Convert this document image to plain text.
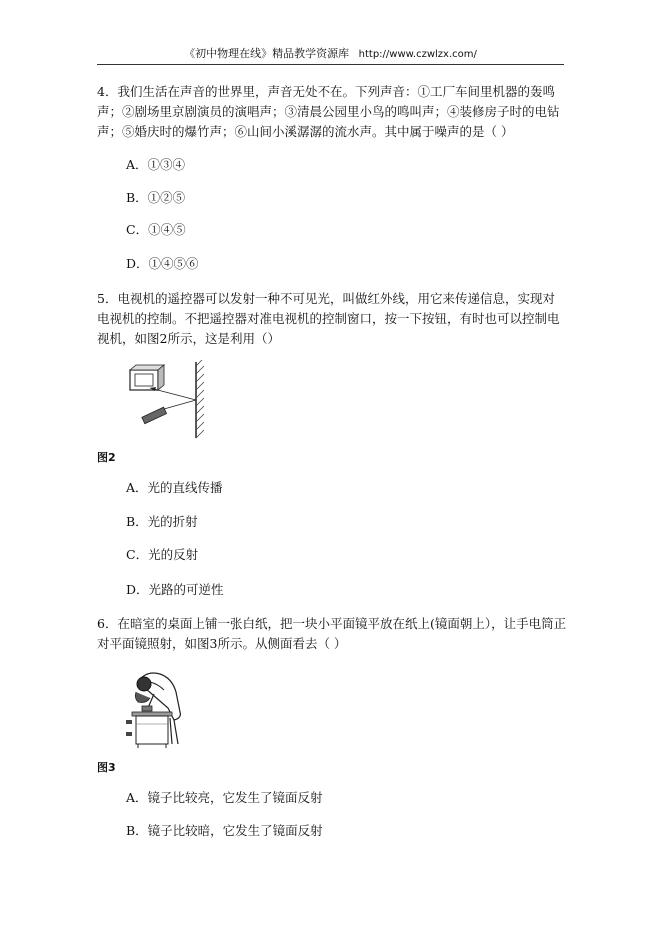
《初中物理在线》精品教学资源库 http://www.czwlzx.com/
4．我们生活在声音的世界里，声音无处不在。下列声音：①工厂车间里机器的轰鸣声；②剧场里京剧演员的演唱声；③清晨公园里小鸟的鸣叫声；④装修房子时的电钻声；⑤婚庆时的爆竹声；⑥山间小溪潺潺的流水声。其中属于噪声的是（ ）
A．①③④
B．①②⑤
C．①④⑤
D．①④⑤⑥
5．电视机的遥控器可以发射一种不可见光，叫做红外线，用它来传递信息，实现对电视机的控制。不把遥控器对准电视机的控制窗口，按一下按钮，有时也可以控制电视机，如图2所示，这是利用（）
图2
A．光的直线传播
B．光的折射
C．光的反射
D．光路的可逆性
6．在暗室的桌面上铺一张白纸，把一块小平面镜平放在纸上(镜面朝上），让手电筒正对平面镜照射，如图3所示。从侧面看去（ ）
图3
A．镜子比较亮，它发生了镜面反射
B．镜子比较暗，它发生了镜面反射
